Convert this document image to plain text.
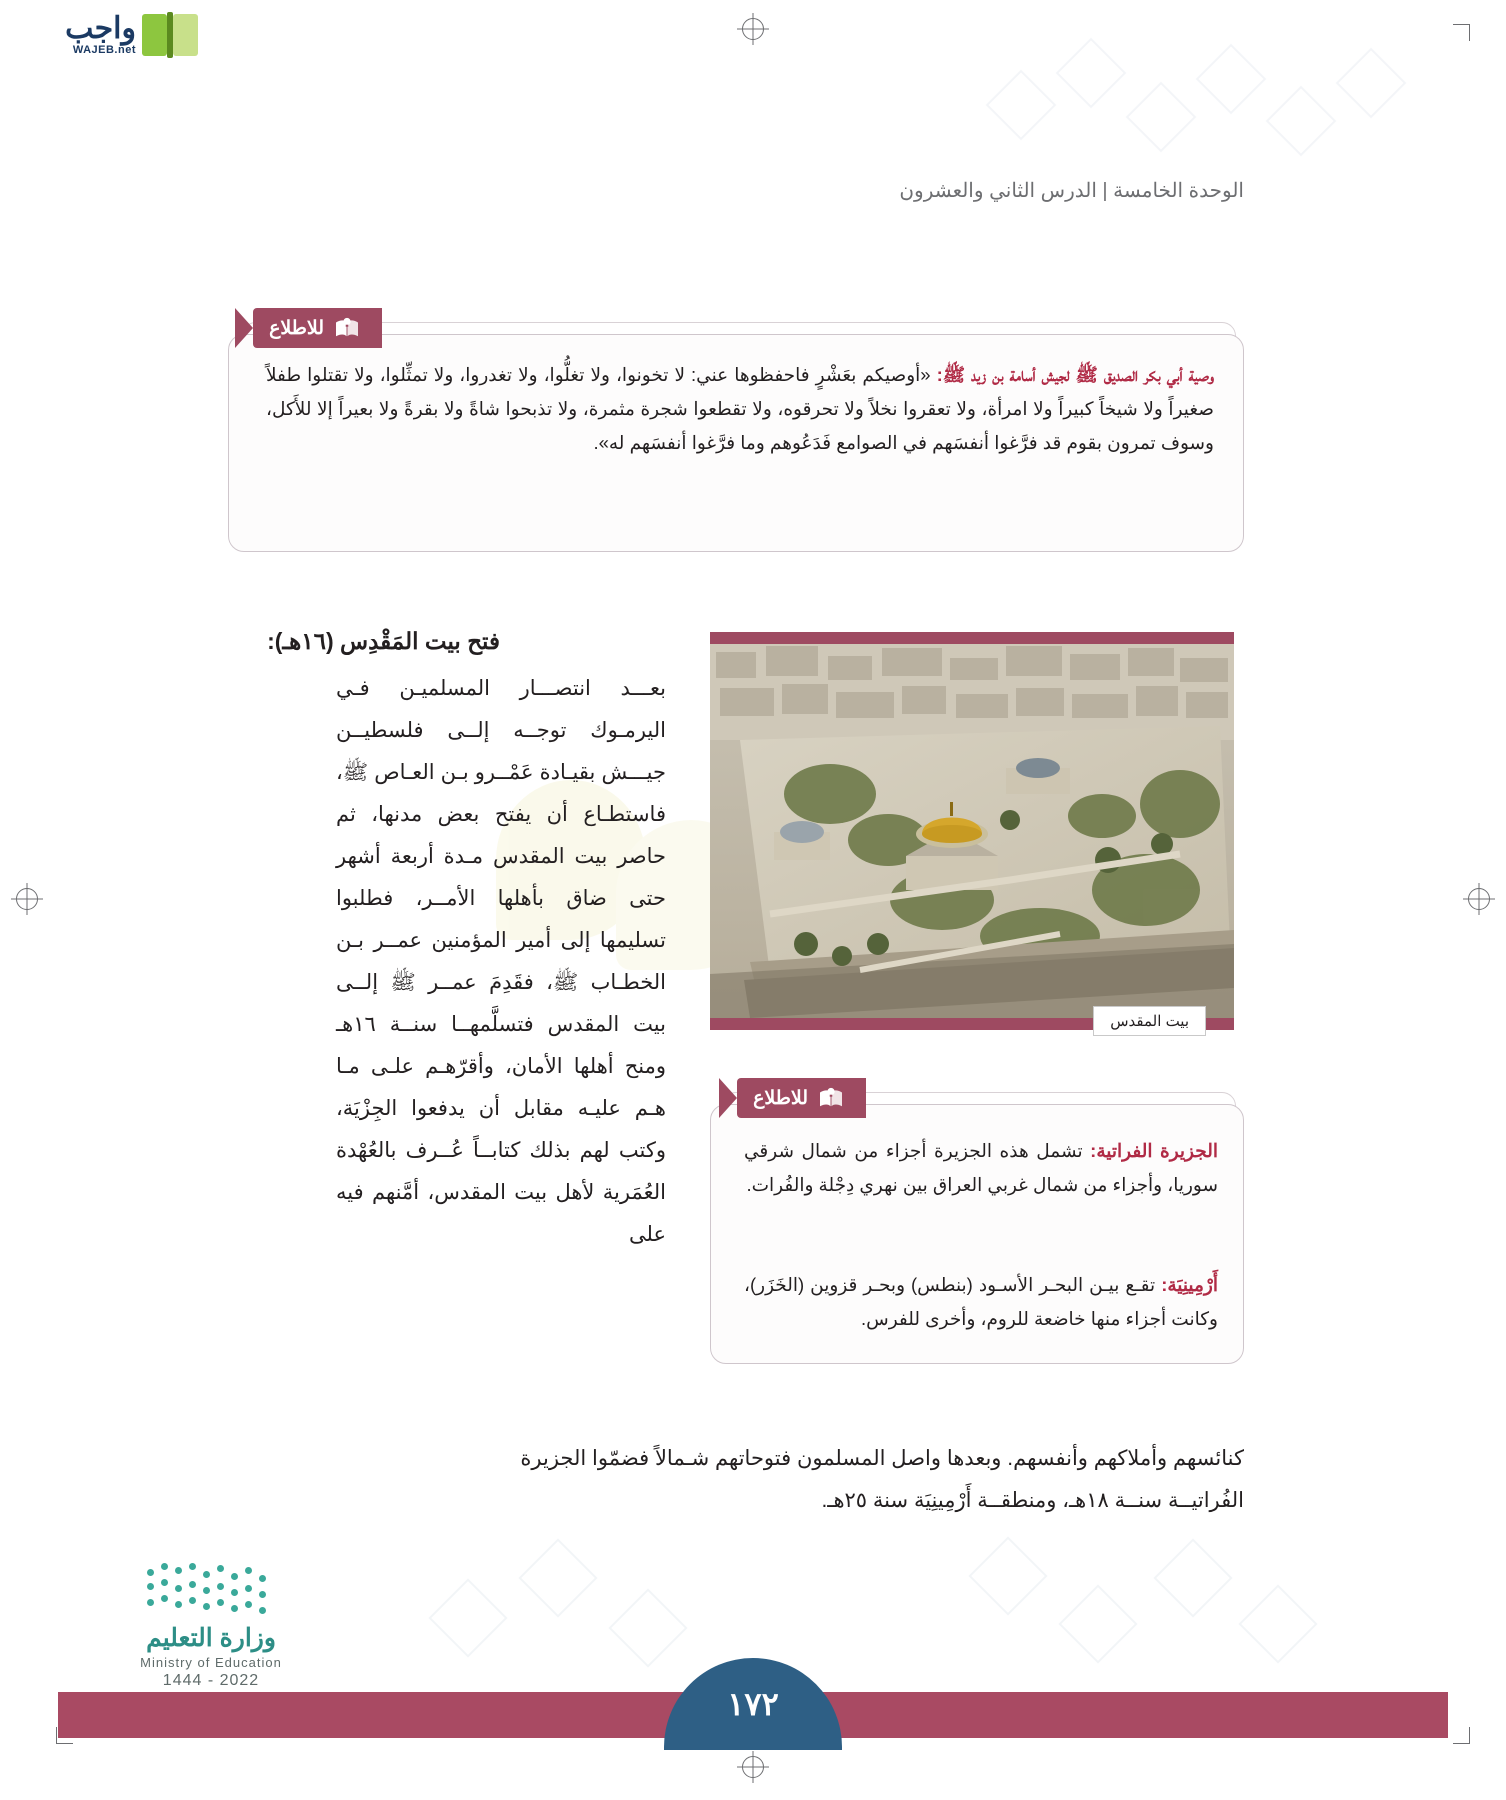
واجب
WAJEB.net
الوحدة الخامسة | الدرس الثاني والعشرون
للاطلاع
وصية أبي بكر الصديق ﷺ لجيش أسامة بن زيد ﷺ: «أوصيكم بعَشْرٍ فاحفظوها عني: لا تخونوا، ولا تغلُّوا، ولا تغدروا، ولا تمثِّلوا، ولا تقتلوا طفلاً صغيراً ولا شيخاً كبيراً ولا امرأة، ولا تعقروا نخلاً ولا تحرقوه، ولا تقطعوا شجرة مثمرة، ولا تذبحوا شاةً ولا بقرةً ولا بعيراً إلا للأَكل، وسوف تمرون بقوم قد فرَّغوا أنفسَهم في الصوامع فَدَعُوهم وما فرَّغوا أنفسَهم له».
بيت المقدس
للاطلاع
الجزيرة الفراتية: تشمل هذه الجزيرة أجزاء من شمال شرقي سوريا، وأجزاء من شمال غربي العراق بين نهري دِجْلة والفُرات.
أَرْمِينِيَة: تقـع بيـن البحـر الأسـود (بنطس) وبحـر قزوين (الخَزَر)، وكانت أجزاء منها خاضعة للروم، وأخرى للفرس.
فتح بيت المَقْدِس (١٦هـ):
بعـــد انتصـــار المسلميـن فـي اليرمـوك توجــه إلــى فلسطيــن جيـــش بقيـادة عَمْــرو بـن العـاص ﷺ، فاستطـاع أن يفتح بعض مدنها، ثم حاصر بيت المقدس مـدة أربعة أشهر حتى ضاق بأهلها الأمــر، فطلبوا تسليمها إلى أمير المؤمنين عمــر بـن الخطـاب ﷺ، فقَدِمَ عمــر ﷺ إلــى بيت المقدس فتسلَّمهــا سنــة ١٦هـ ومنح أهلها الأمان، وأقرّهـم علـى مـا هـم عليـه مقابل أن يدفعوا الجِزْيَة، وكتب لهم بذلك كتابــاً عُــرف بالعُهْدة العُمَرية لأهل بيت المقدس، أمَّنهم فيه على
كنائسهم وأملاكهم وأنفسهم. وبعدها واصل المسلمون فتوحاتهم شـمالاً فضمّوا الجزيرة
الفُراتيــة سنــة ١٨هـ، ومنطقــة أَرْمِينِيَة سنة ٢٥هـ.
١٧٢
وزارة التعليم
Ministry of Education
1444 - 2022
